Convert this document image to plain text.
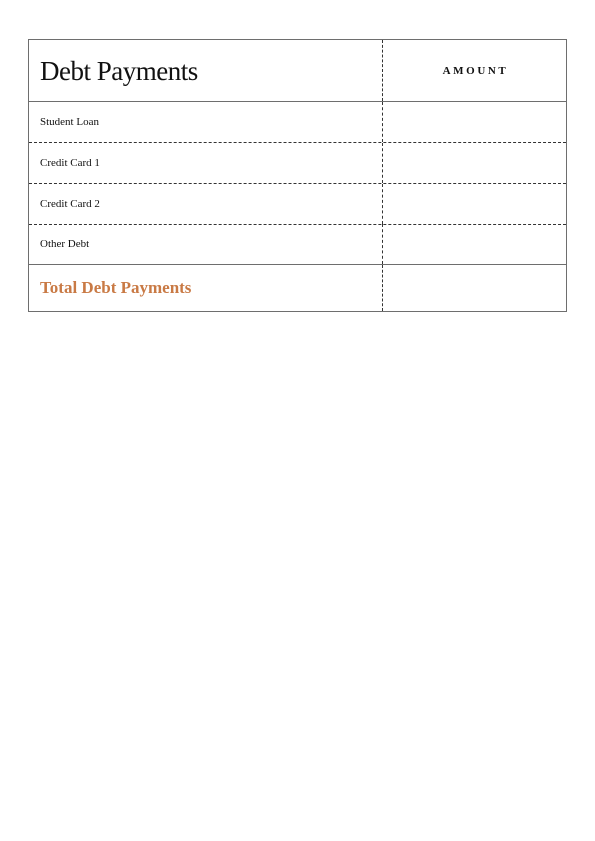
Debt Payments	AMOUNT
Student Loan
Credit Card 1
Credit Card 2
Other Debt
Total Debt Payments
